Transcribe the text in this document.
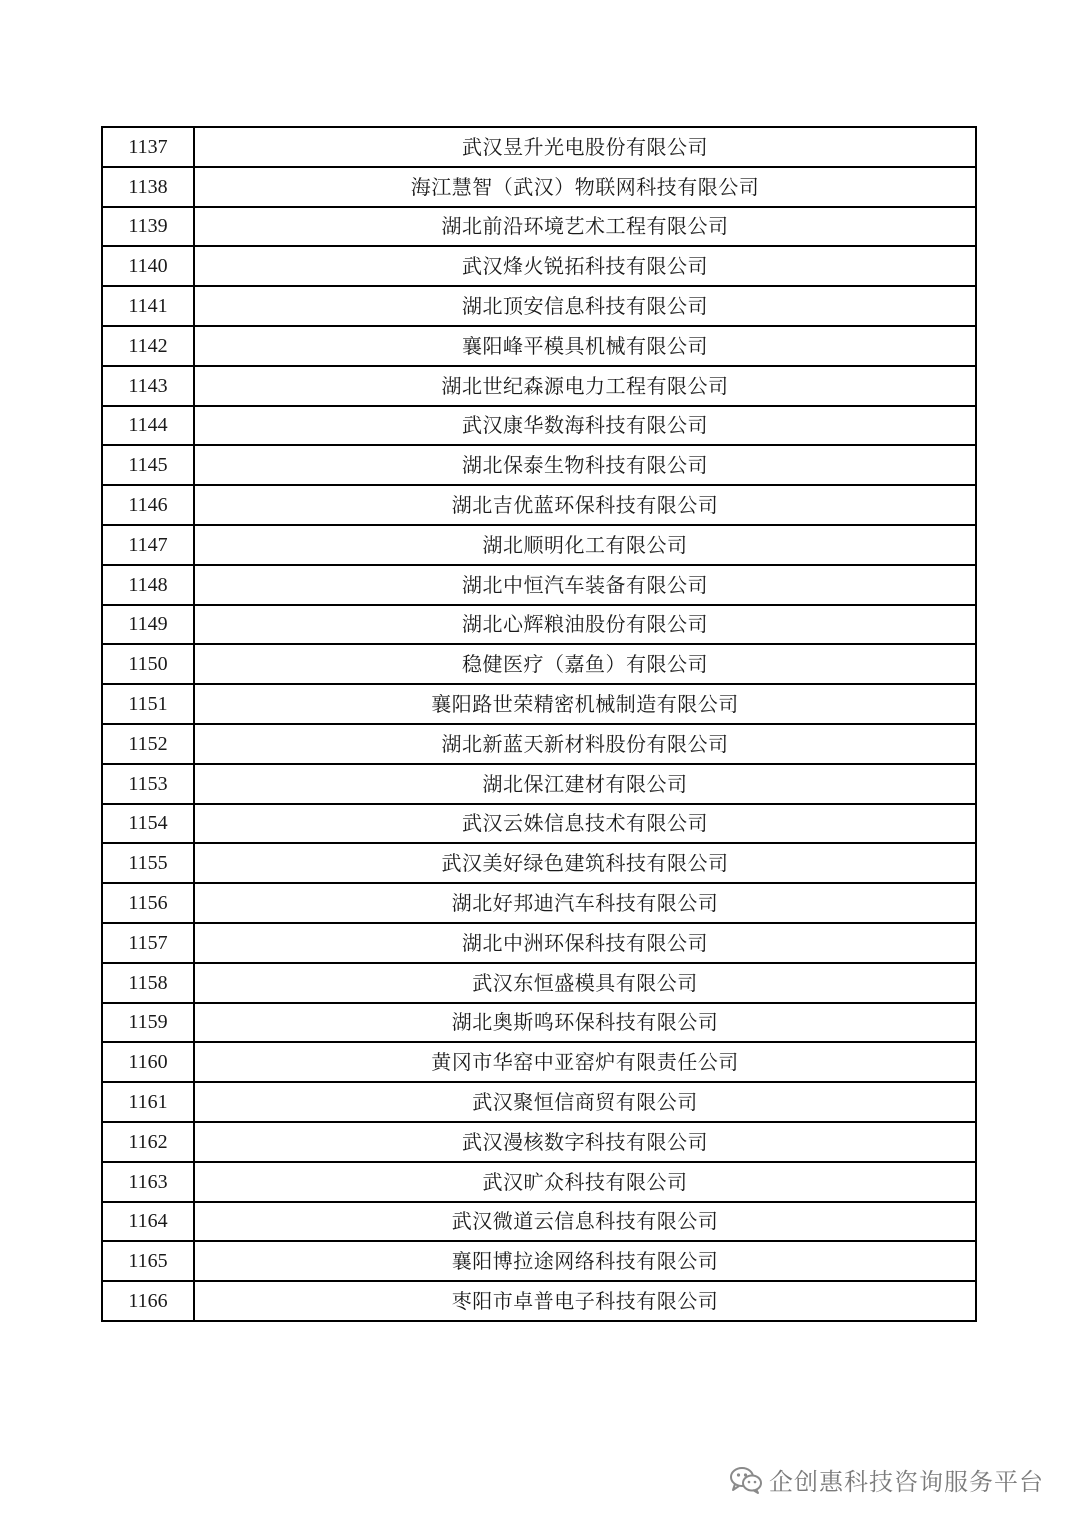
1137	武汉昱升光电股份有限公司
1138	海江慧智（武汉）物联网科技有限公司
1139	湖北前沿环境艺术工程有限公司
1140	武汉烽火锐拓科技有限公司
1141	湖北顶安信息科技有限公司
1142	襄阳峰平模具机械有限公司
1143	湖北世纪森源电力工程有限公司
1144	武汉康华数海科技有限公司
1145	湖北保泰生物科技有限公司
1146	湖北吉优蓝环保科技有限公司
1147	湖北顺明化工有限公司
1148	湖北中恒汽车装备有限公司
1149	湖北心辉粮油股份有限公司
1150	稳健医疗（嘉鱼）有限公司
1151	襄阳路世荣精密机械制造有限公司
1152	湖北新蓝天新材料股份有限公司
1153	湖北保江建材有限公司
1154	武汉云姝信息技术有限公司
1155	武汉美好绿色建筑科技有限公司
1156	湖北好邦迪汽车科技有限公司
1157	湖北中洲环保科技有限公司
1158	武汉东恒盛模具有限公司
1159	湖北奥斯鸣环保科技有限公司
1160	黄冈市华窑中亚窑炉有限责任公司
1161	武汉聚恒信商贸有限公司
1162	武汉漫核数字科技有限公司
1163	武汉旷众科技有限公司
1164	武汉微道云信息科技有限公司
1165	襄阳博拉途网络科技有限公司
1166	枣阳市卓普电子科技有限公司
企创惠科技咨询服务平台
